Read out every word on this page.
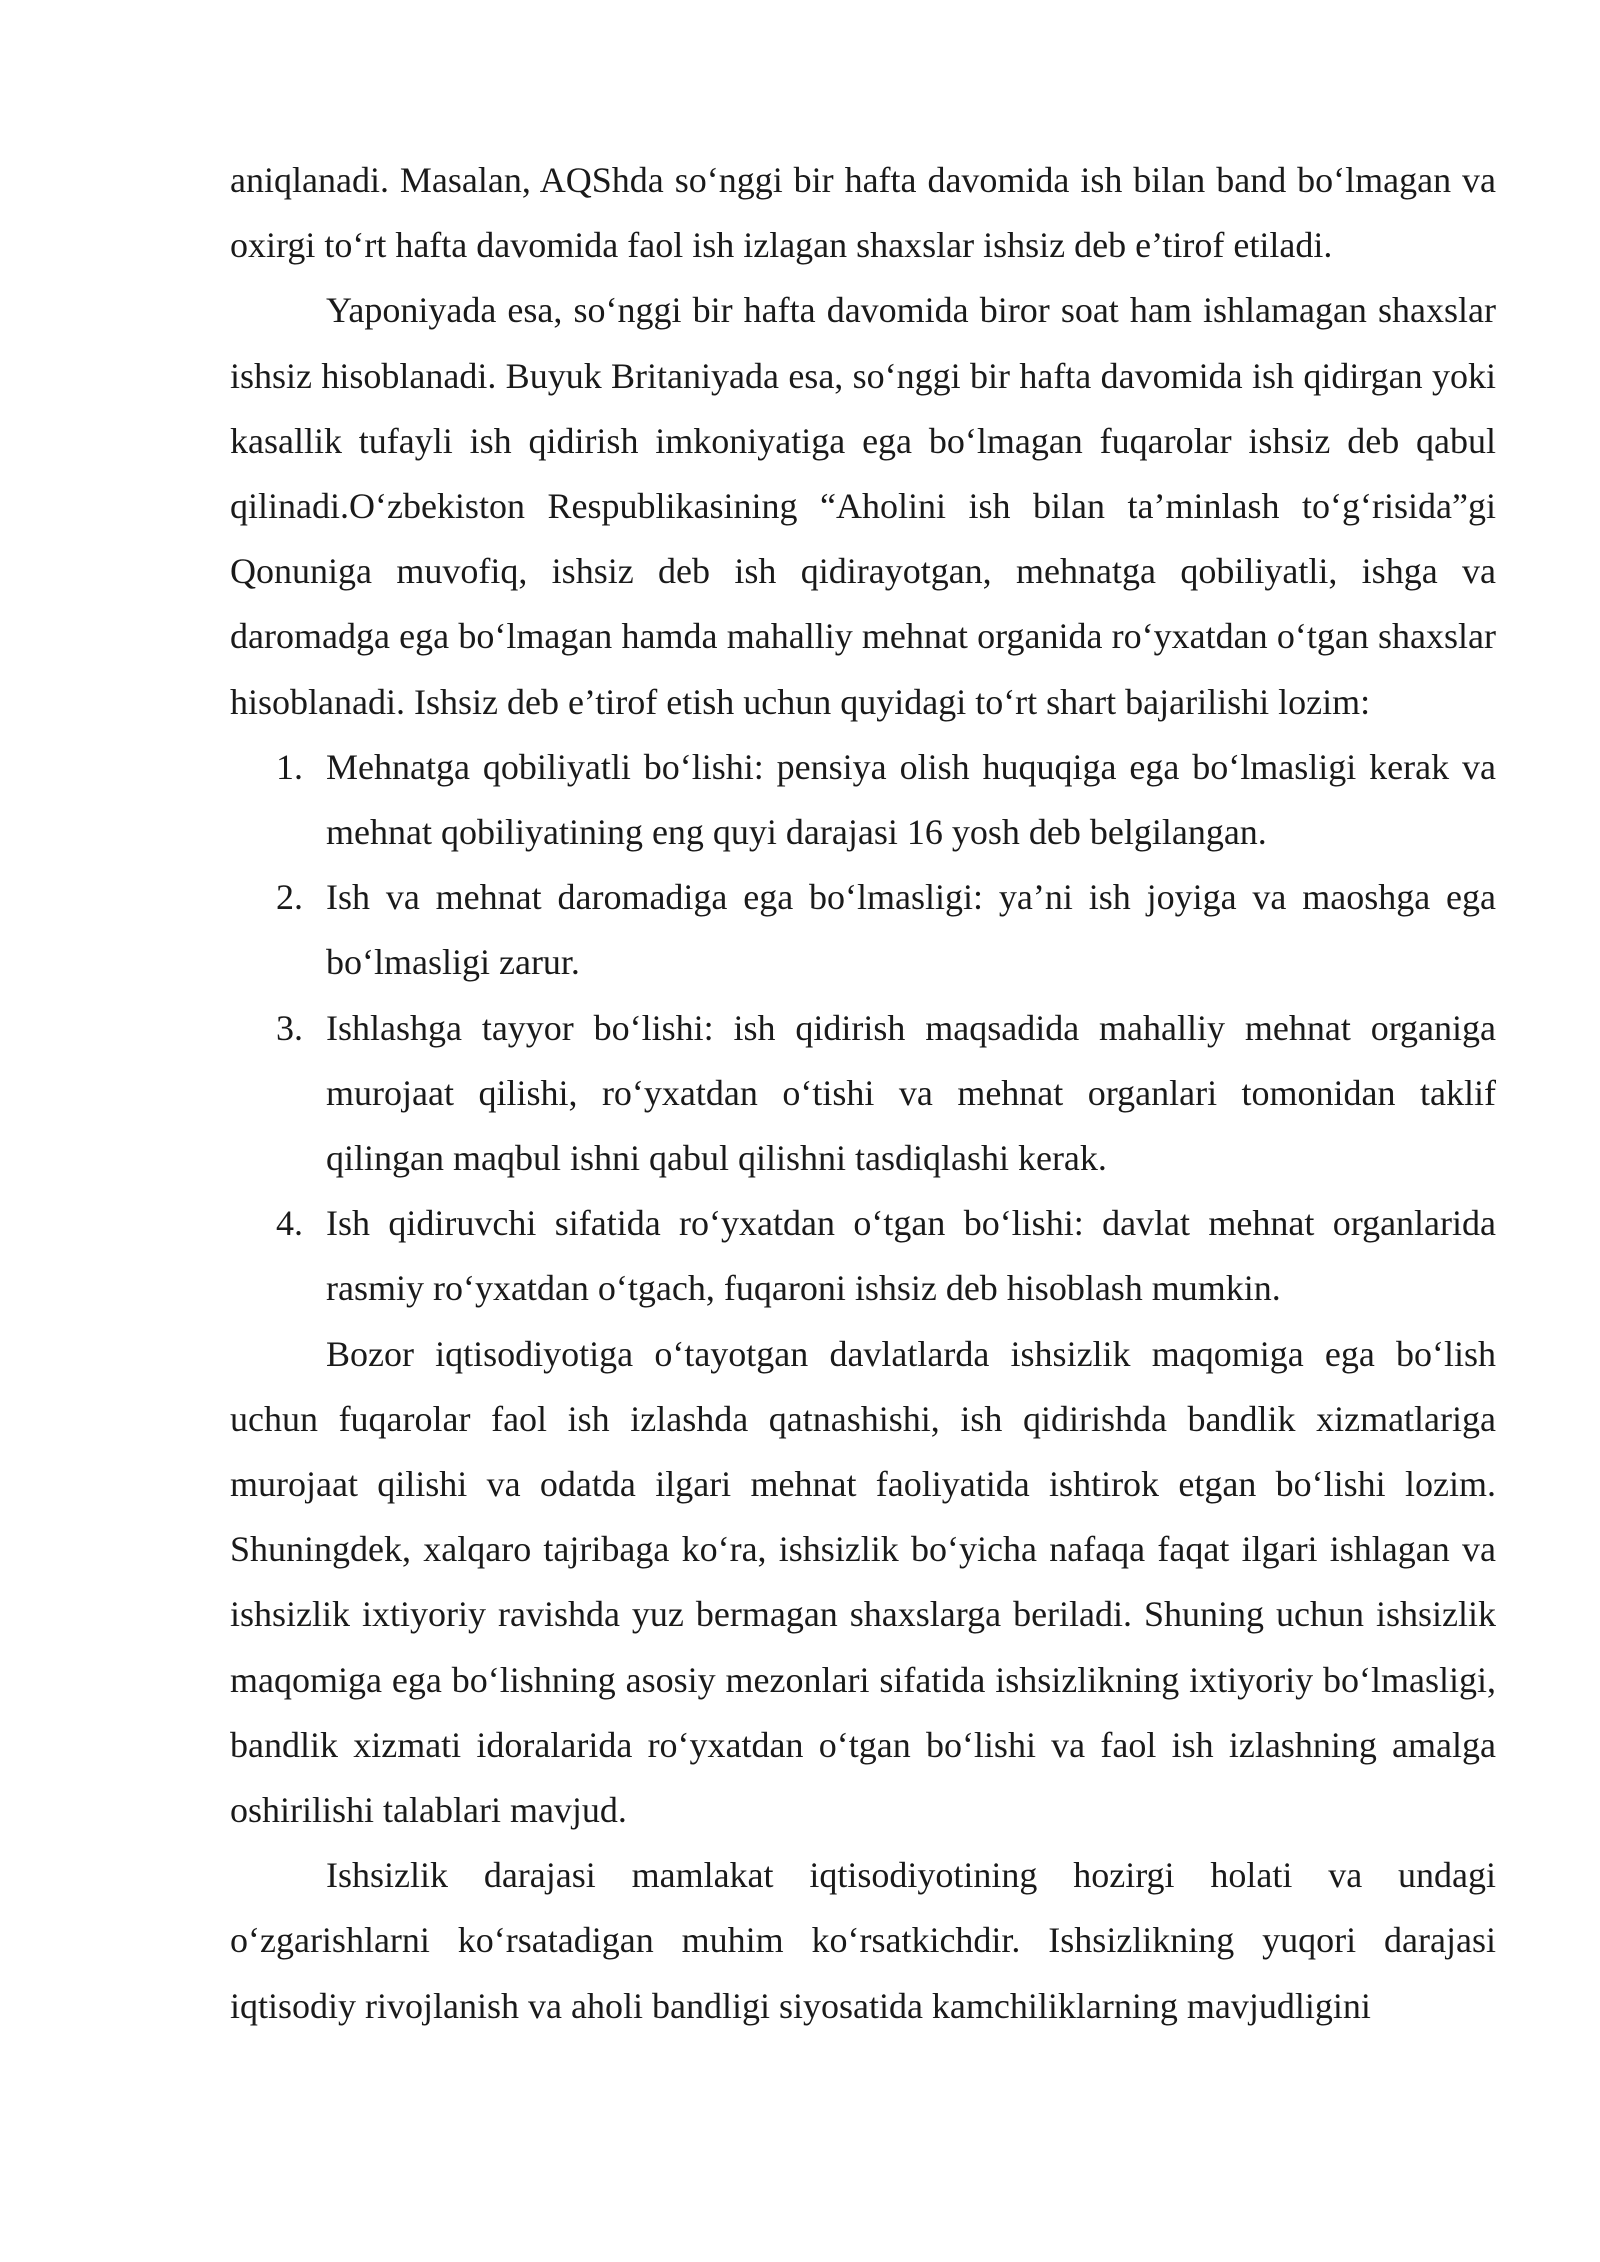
aniqlanadi. Masalan, AQShda so‘nggi bir hafta davomida ish bilan band bo‘lmagan va oxirgi to‘rt hafta davomida faol ish izlagan shaxslar ishsiz deb e’tirof etiladi.

Yaponiyada esa, so‘nggi bir hafta davomida biror soat ham ishlamagan shaxslar ishsiz hisoblanadi. Buyuk Britaniyada esa, so‘nggi bir hafta davomida ish qidirgan yoki kasallik tufayli ish qidirish imkoniyatiga ega bo‘lmagan fuqarolar ishsiz deb qabul qilinadi.O‘zbekiston Respublikasining “Aholini ish bilan ta’minlash to‘g‘risida”gi Qonuniga muvofiq, ishsiz deb ish qidirayotgan, mehnatga qobiliyatli, ishga va daromadga ega bo‘lmagan hamda mahalliy mehnat organida ro‘yxatdan o‘tgan shaxslar hisoblanadi. Ishsiz deb e’tirof etish uchun quyidagi to‘rt shart bajarilishi lozim:

1. Mehnatga qobiliyatli bo‘lishi: pensiya olish huquqiga ega bo‘lmasligi kerak va mehnat qobiliyatining eng quyi darajasi 16 yosh deb belgilangan.
2. Ish va mehnat daromadiga ega bo‘lmasligi: ya’ni ish joyiga va maoshga ega bo‘lmasligi zarur.
3. Ishlashga tayyor bo‘lishi: ish qidirish maqsadida mahalliy mehnat organiga murojaat qilishi, ro‘yxatdan o‘tishi va mehnat organlari tomonidan taklif qilingan maqbul ishni qabul qilishni tasdiqlashi kerak.
4. Ish qidiruvchi sifatida ro‘yxatdan o‘tgan bo‘lishi: davlat mehnat organlarida rasmiy ro‘yxatdan o‘tgach, fuqaroni ishsiz deb hisoblash mumkin.

Bozor iqtisodiyotiga o‘tayotgan davlatlarda ishsizlik maqomiga ega bo‘lish uchun fuqarolar faol ish izlashda qatnashishi, ish qidirishda bandlik xizmatlariga murojaat qilishi va odatda ilgari mehnat faoliyatida ishtirok etgan bo‘lishi lozim. Shuningdek, xalqaro tajribaga ko‘ra, ishsizlik bo‘yicha nafaqa faqat ilgari ishlagan va ishsizlik ixtiyoriy ravishda yuz bermagan shaxslarga beriladi. Shuning uchun ishsizlik maqomiga ega bo‘lishning asosiy mezonlari sifatida ishsizlikning ixtiyoriy bo‘lmasligi, bandlik xizmati idoralarida ro‘yxatdan o‘tgan bo‘lishi va faol ish izlashning amalga oshirilishi talablari mavjud.

Ishsizlik darajasi mamlakat iqtisodiyotining hozirgi holati va undagi o‘zgarishlarni ko‘rsatadigan muhim ko‘rsatkichdir. Ishsizlikning yuqori darajasi iqtisodiy rivojlanish va aholi bandligi siyosatida kamchiliklarning mavjudligini
